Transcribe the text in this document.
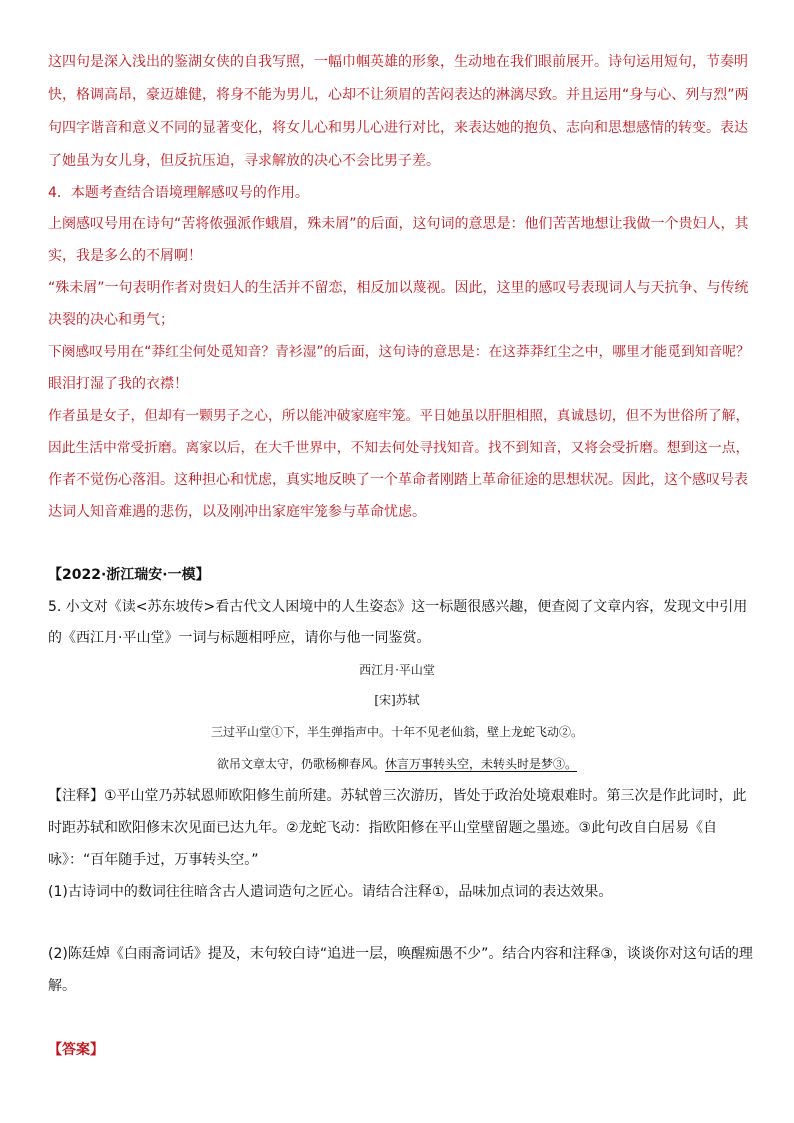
这四句是深入浅出的鉴湖女侠的自我写照，一幅巾帼英雄的形象，生动地在我们眼前展开。诗句运用短句，节奏明
快，格调高昂，豪迈雄健，将身不能为男儿，心却不让须眉的苦闷表达的淋漓尽致。并且运用“身与心、列与烈”两
句四字谐音和意义不同的显著变化，将女儿心和男儿心进行对比，来表达她的抱负、志向和思想感情的转变。表达
了她虽为女儿身，但反抗压迫，寻求解放的决心不会比男子差。
4．本题考查结合语境理解感叹号的作用。
上阕感叹号用在诗句“苦将侬强派作蛾眉，殊未屑”的后面，这句词的意思是：他们苦苦地想让我做一个贵妇人，其
实，我是多么的不屑啊！
“殊未屑”一句表明作者对贵妇人的生活并不留恋，相反加以蔑视。因此，这里的感叹号表现词人与天抗争、与传统
决裂的决心和勇气；
下阕感叹号用在“莽红尘何处觅知音？青衫湿”的后面，这句诗的意思是：在这莽莽红尘之中，哪里才能觅到知音呢？
眼泪打湿了我的衣襟！
作者虽是女子，但却有一颗男子之心，所以能冲破家庭牢笼。平日她虽以肝胆相照，真诚恳切，但不为世俗所了解，
因此生活中常受折磨。离家以后，在大千世界中，不知去何处寻找知音。找不到知音，又将会受折磨。想到这一点，
作者不觉伤心落泪。这种担心和忧虑，真实地反映了一个革命者刚踏上革命征途的思想状况。因此，这个感叹号表
达词人知音难遇的悲伤，以及刚冲出家庭牢笼参与革命忧虑。
【2022·浙江瑞安·一模】
5. 小文对《读<苏东坡传>看古代文人困境中的人生姿态》这一标题很感兴趣，便查阅了文章内容，发现文中引用
的《西江月·平山堂》一词与标题相呼应，请你与他一同鉴赏。
西江月·平山堂
[宋]苏轼
三过平山堂①下，半生弹指声中。十年不见老仙翁，壁上龙蛇飞动②。
欲吊文章太守，仍歌杨柳春风。休言万事转头空，未转头时是梦③。
【注释】①平山堂乃苏轼恩师欧阳修生前所建。苏轼曾三次游历，皆处于政治处境艰难时。第三次是作此词时，此
时距苏轼和欧阳修末次见面已达九年。②龙蛇飞动：指欧阳修在平山堂壁留题之墨迹。③此句改自白居易《自
咏》：“百年随手过，万事转头空。”
(1)古诗词中的数词往往暗含古人遣词造句之匠心。请结合注释①，品味加点词的表达效果。
(2)陈廷焯《白雨斋词话》提及，末句较白诗“追进一层，唤醒痴愚不少”。结合内容和注释③，谈谈你对这句话的理
解。
【答案】
